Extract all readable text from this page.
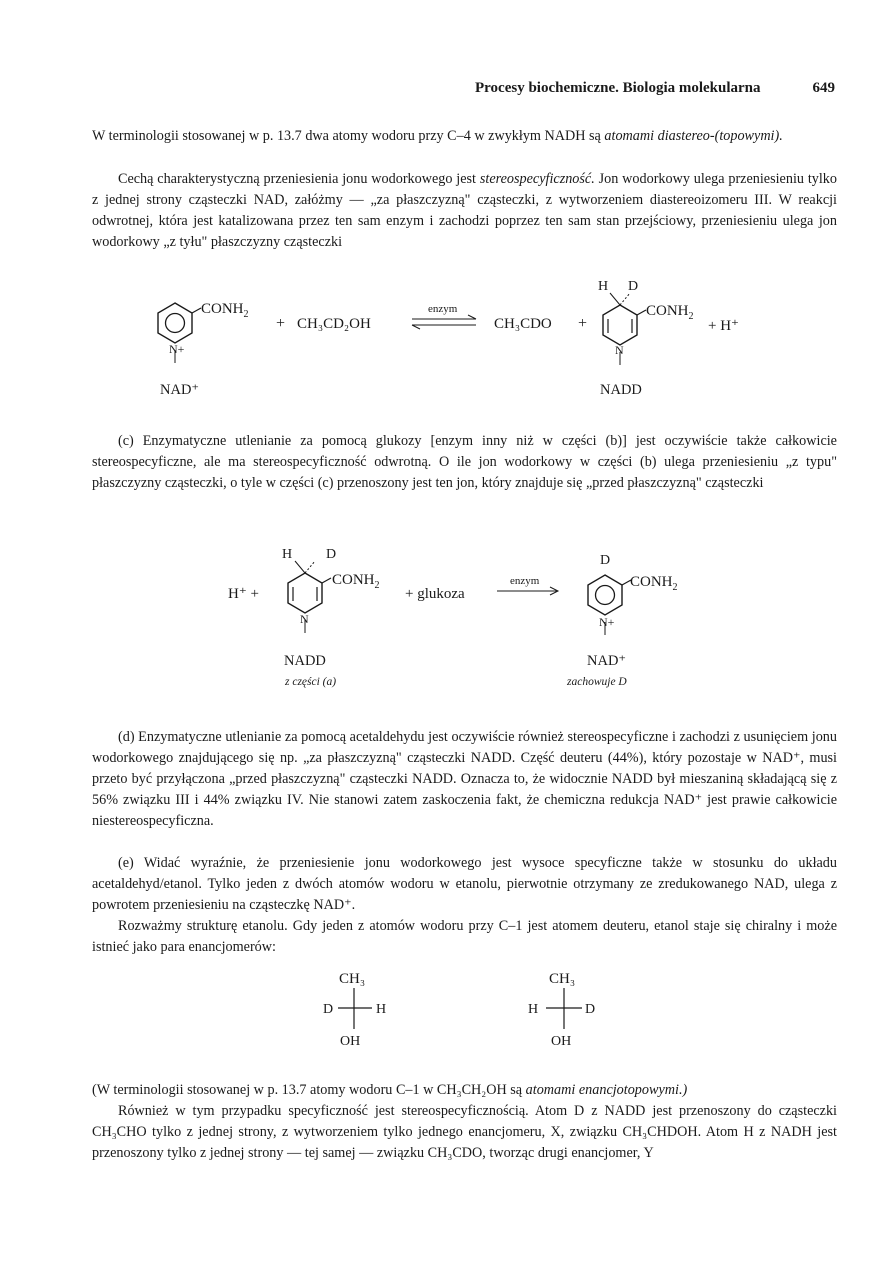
Procesy biochemiczne. Biologia molekularna	649
W terminologii stosowanej w p. 13.7 dwa atomy wodoru przy C–4 w zwykłym NADH są atomami diastereo-(topowymi).
Cechą charakterystyczną przeniesienia jonu wodorkowego jest stereospecyficzność. Jon wodorkowy ulega przeniesieniu tylko z jednej strony cząsteczki NAD, załóżmy — „za płaszczyzną" cząsteczki, z wytworzeniem diastereoizomeru III. W reakcji odwrotnej, która jest katalizowana przez ten sam enzym i zachodzi poprzez ten sam stan przejściowy, przeniesieniu ulega jon wodorkowy „z tyłu" płaszczyzny cząsteczki
$CONH_2$
N+
+ CH₃CD₂OH
enzym
CH₃CDO +
H D
$CONH_2$
N
+ H⁺
NAD⁺	NADD
(c) Enzymatyczne utlenianie za pomocą glukozy [enzym inny niż w części (b)] jest oczywiście także całkowicie stereospecyficzne, ale ma stereospecyficzność odwrotną. O ile jon wodorkowy w części (b) ulega przeniesieniu „z typu" płaszczyzny cząsteczki, o tyle w części (c) przenoszony jest ten jon, który znajduje się „przed płaszczyzną" cząsteczki
H⁺ +
H D
$CONH_2$
N
+ glukoza
enzym
D
$CONH_2$
N+
NADD
z części (a)
NAD⁺
zachowuje D
(d) Enzymatyczne utlenianie za pomocą acetaldehydu jest oczywiście również stereospecyficzne i zachodzi z usunięciem jonu wodorkowego znajdującego się np. „za płaszczyzną" cząsteczki NADD. Część deuteru (44%), który pozostaje w NAD⁺, musi przeto być przyłączona „przed płaszczyzną" cząsteczki NADD. Oznacza to, że widocznie NADD był mieszaniną składającą się z 56% związku III i 44% związku IV. Nie stanowi zatem zaskoczenia fakt, że chemiczna redukcja NAD⁺ jest prawie całkowicie niestereospecyficzna.
(e) Widać wyraźnie, że przeniesienie jonu wodorkowego jest wysoce specyficzne także w stosunku do układu acetaldehyd/etanol. Tylko jeden z dwóch atomów wodoru w etanolu, pierwotnie otrzymany ze zredukowanego NAD, ulega z powrotem przeniesieniu na cząsteczkę NAD⁺.
Rozważmy strukturę etanolu. Gdy jeden z atomów wodoru przy C–1 jest atomem deuteru, etanol staje się chiralny i może istnieć jako para enancjomerów:
CH₃
D	H
OH
CH₃
H	D
OH
(W terminologii stosowanej w p. 13.7 atomy wodoru C–1 w CH₃CH₂OH są atomami enancjotopowymi.)
Również w tym przypadku specyficzność jest stereospecyficznością. Atom D z NADD jest przenoszony do cząsteczki CH₃CHO tylko z jednej strony, z wytworzeniem tylko jednego enancjomeru, X, związku CH₃CHDOH. Atom H z NADH jest przenoszony tylko z jednej strony — tej samej — związku CH₃CDO, tworząc drugi enancjomer, Y
